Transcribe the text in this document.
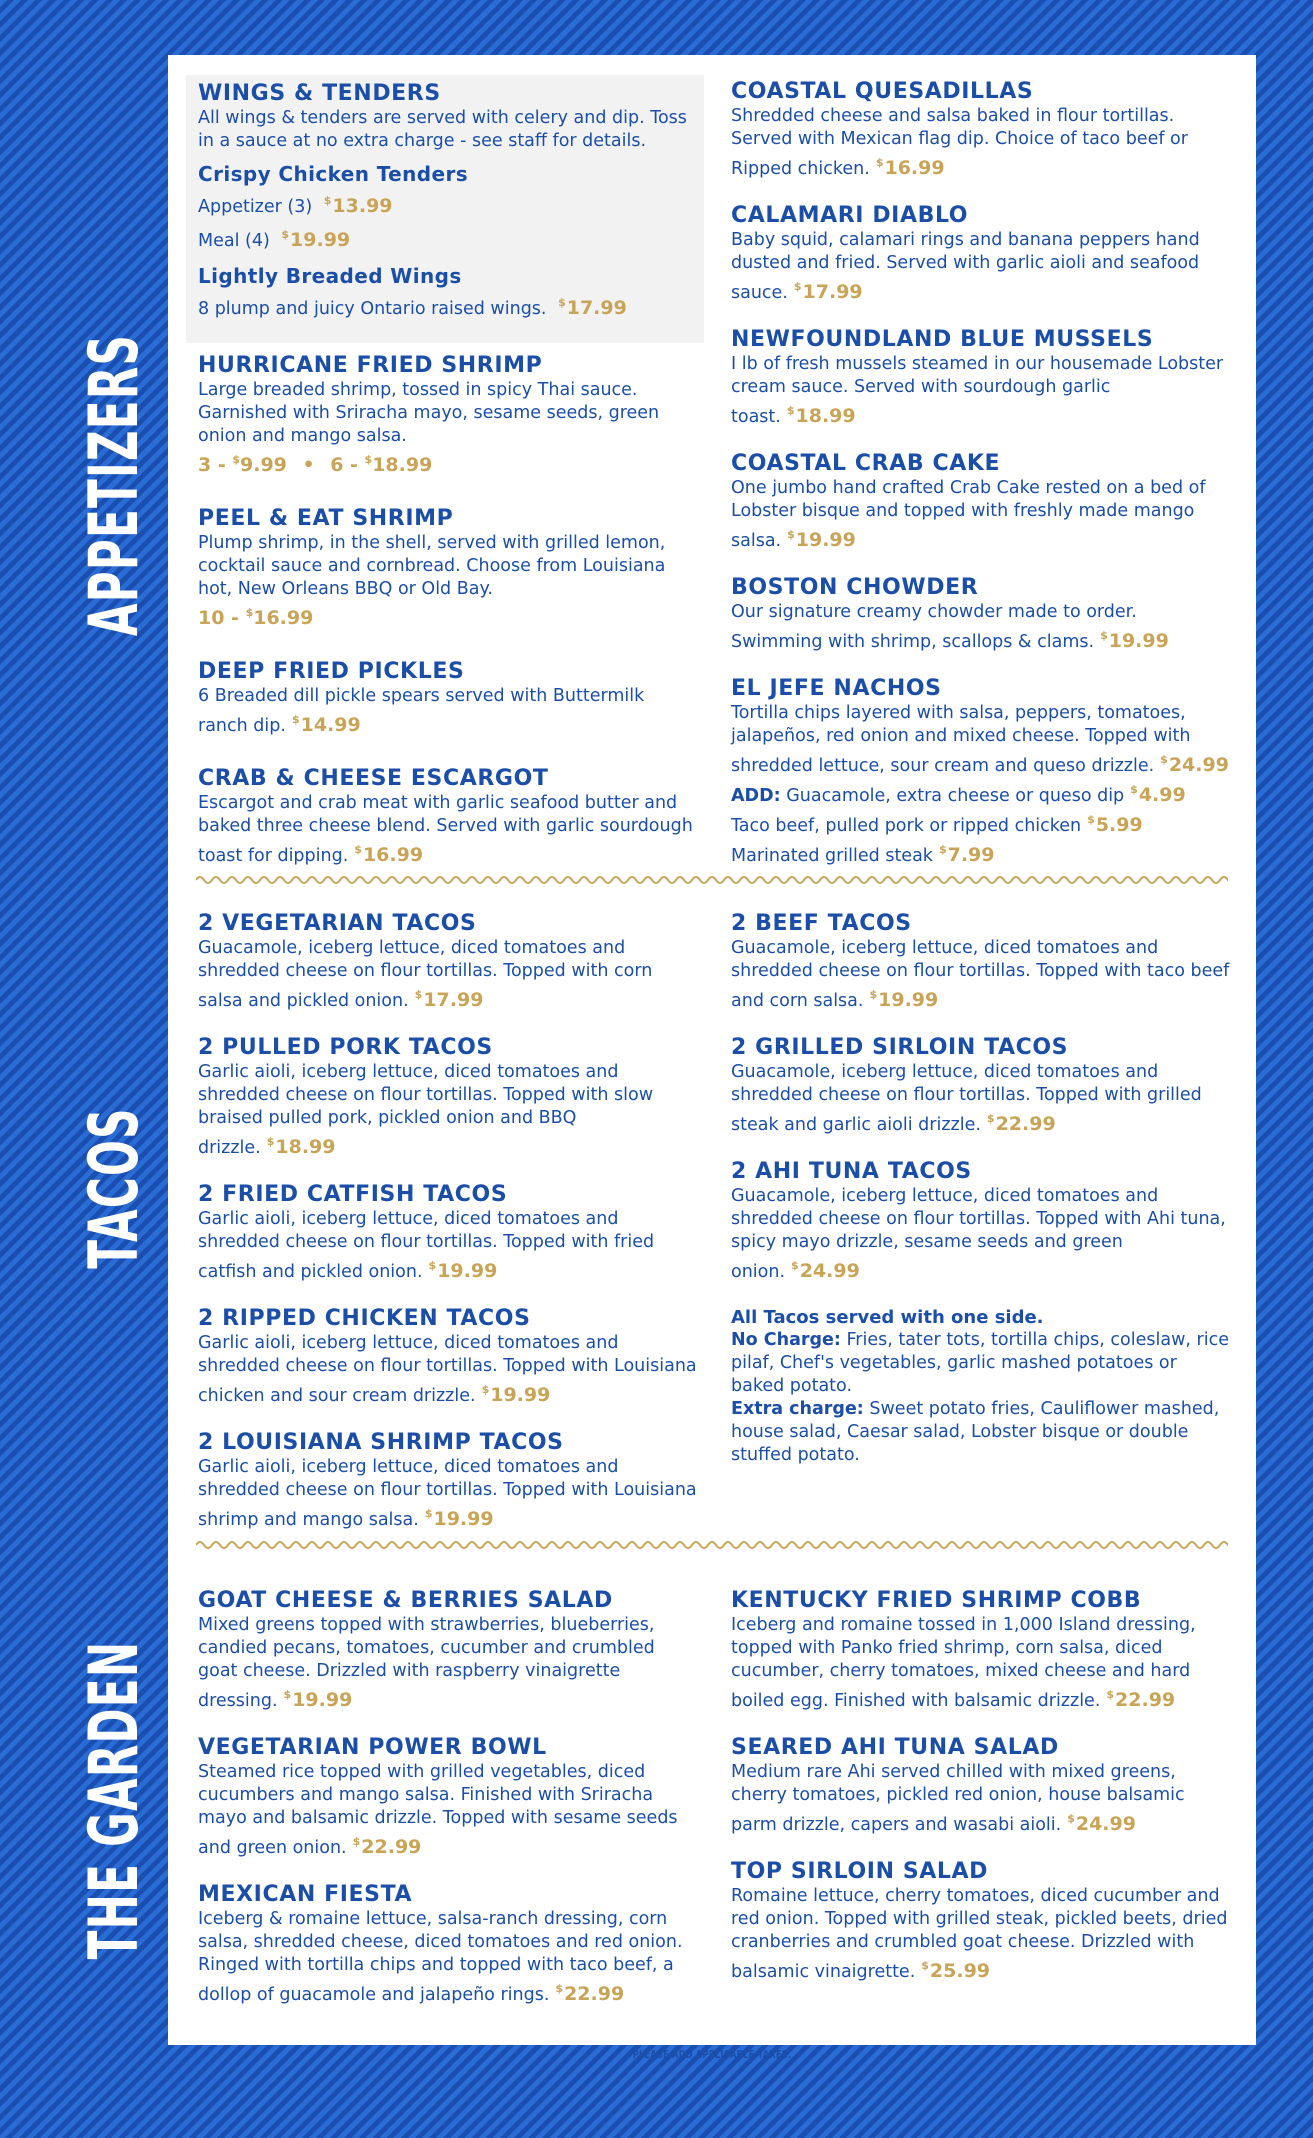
APPETIZERS
TACOS
THE GARDEN

WINGS & TENDERS

All wings & tenders are served with celery and dip. Toss in a sauce at no extra charge - see staff for details.

Crispy Chicken Tenders

Appetizer (3) $13.99

Meal (4) $19.99

Lightly Breaded Wings

8 plump and juicy Ontario raised wings. $17.99

HURRICANE FRIED SHRIMP

Large breaded shrimp, tossed in spicy Thai sauce. Garnished with Sriracha mayo, sesame seeds, green onion and mango salsa.

3 - $9.99 • 6 - $18.99

PEEL & EAT SHRIMP

Plump shrimp, in the shell, served with grilled lemon, cocktail sauce and cornbread. Choose from Louisiana hot, New Orleans BBQ or Old Bay.

10 - $16.99

DEEP FRIED PICKLES

6 Breaded dill pickle spears served with Buttermilk ranch dip. $14.99

CRAB & CHEESE ESCARGOT

Escargot and crab meat with garlic seafood butter and baked three cheese blend. Served with garlic sourdough toast for dipping. $16.99

COASTAL QUESADILLAS

Shredded cheese and salsa baked in flour tortillas. Served with Mexican flag dip. Choice of taco beef or Ripped chicken. $16.99

CALAMARI DIABLO

Baby squid, calamari rings and banana peppers hand dusted and fried. Served with garlic aioli and seafood sauce. $17.99

NEWFOUNDLAND BLUE MUSSELS

I lb of fresh mussels steamed in our housemade Lobster cream sauce. Served with sourdough garlic toast. $18.99

COASTAL CRAB CAKE

One jumbo hand crafted Crab Cake rested on a bed of Lobster bisque and topped with freshly made mango salsa. $19.99

BOSTON CHOWDER

Our signature creamy chowder made to order. Swimming with shrimp, scallops & clams. $19.99

EL JEFE NACHOS

Tortilla chips layered with salsa, peppers, tomatoes, jalapeños, red onion and mixed cheese. Topped with shredded lettuce, sour cream and queso drizzle. $24.99

ADD: Guacamole, extra cheese or queso dip $4.99

Taco beef, pulled pork or ripped chicken $5.99

Marinated grilled steak $7.99

2 VEGETARIAN TACOS

Guacamole, iceberg lettuce, diced tomatoes and shredded cheese on flour tortillas. Topped with corn salsa and pickled onion. $17.99

2 PULLED PORK TACOS

Garlic aioli, iceberg lettuce, diced tomatoes and shredded cheese on flour tortillas. Topped with slow braised pulled pork, pickled onion and BBQ drizzle. $18.99

2 FRIED CATFISH TACOS

Garlic aioli, iceberg lettuce, diced tomatoes and shredded cheese on flour tortillas. Topped with fried catfish and pickled onion. $19.99

2 RIPPED CHICKEN TACOS

Garlic aioli, iceberg lettuce, diced tomatoes and shredded cheese on flour tortillas. Topped with Louisiana chicken and sour cream drizzle. $19.99

2 LOUISIANA SHRIMP TACOS

Garlic aioli, iceberg lettuce, diced tomatoes and shredded cheese on flour tortillas. Topped with Louisiana shrimp and mango salsa. $19.99

2 BEEF TACOS

Guacamole, iceberg lettuce, diced tomatoes and shredded cheese on flour tortillas. Topped with taco beef and corn salsa. $19.99

2 GRILLED SIRLOIN TACOS

Guacamole, iceberg lettuce, diced tomatoes and shredded cheese on flour tortillas. Topped with grilled steak and garlic aioli drizzle. $22.99

2 AHI TUNA TACOS

Guacamole, iceberg lettuce, diced tomatoes and shredded cheese on flour tortillas. Topped with Ahi tuna, spicy mayo drizzle, sesame seeds and green onion. $24.99

All Tacos served with one side.

No Charge: Fries, tater tots, tortilla chips, coleslaw, rice pilaf, Chef's vegetables, garlic mashed potatoes or baked potato.

Extra charge: Sweet potato fries, Cauliflower mashed, house salad, Caesar salad, Lobster bisque or double stuffed potato.

GOAT CHEESE & BERRIES SALAD

Mixed greens topped with strawberries, blueberries, candied pecans, tomatoes, cucumber and crumbled goat cheese. Drizzled with raspberry vinaigrette dressing. $19.99

VEGETARIAN POWER BOWL

Steamed rice topped with grilled vegetables, diced cucumbers and mango salsa. Finished with Sriracha mayo and balsamic drizzle. Topped with sesame seeds and green onion. $22.99

MEXICAN FIESTA

Iceberg & romaine lettuce, salsa-ranch dressing, corn salsa, shredded cheese, diced tomatoes and red onion. Ringed with tortilla chips and topped with taco beef, a dollop of guacamole and jalapeño rings. $22.99

KENTUCKY FRIED SHRIMP COBB

Iceberg and romaine tossed in 1,000 Island dressing, topped with Panko fried shrimp, corn salsa, diced cucumber, cherry tomatoes, mixed cheese and hard boiled egg. Finished with balsamic drizzle. $22.99

SEARED AHI TUNA SALAD

Medium rare Ahi served chilled with mixed greens, cherry tomatoes, pickled red onion, house balsamic parm drizzle, capers and wasabi aioli. $24.99

TOP SIRLOIN SALAD

Romaine lettuce, cherry tomatoes, diced cucumber and red onion. Topped with grilled steak, pickled beets, dried cranberries and crumbled goat cheese. Drizzled with balsamic vinaigrette. $25.99

PLEASE ADD APPLICABLE TAXES.
